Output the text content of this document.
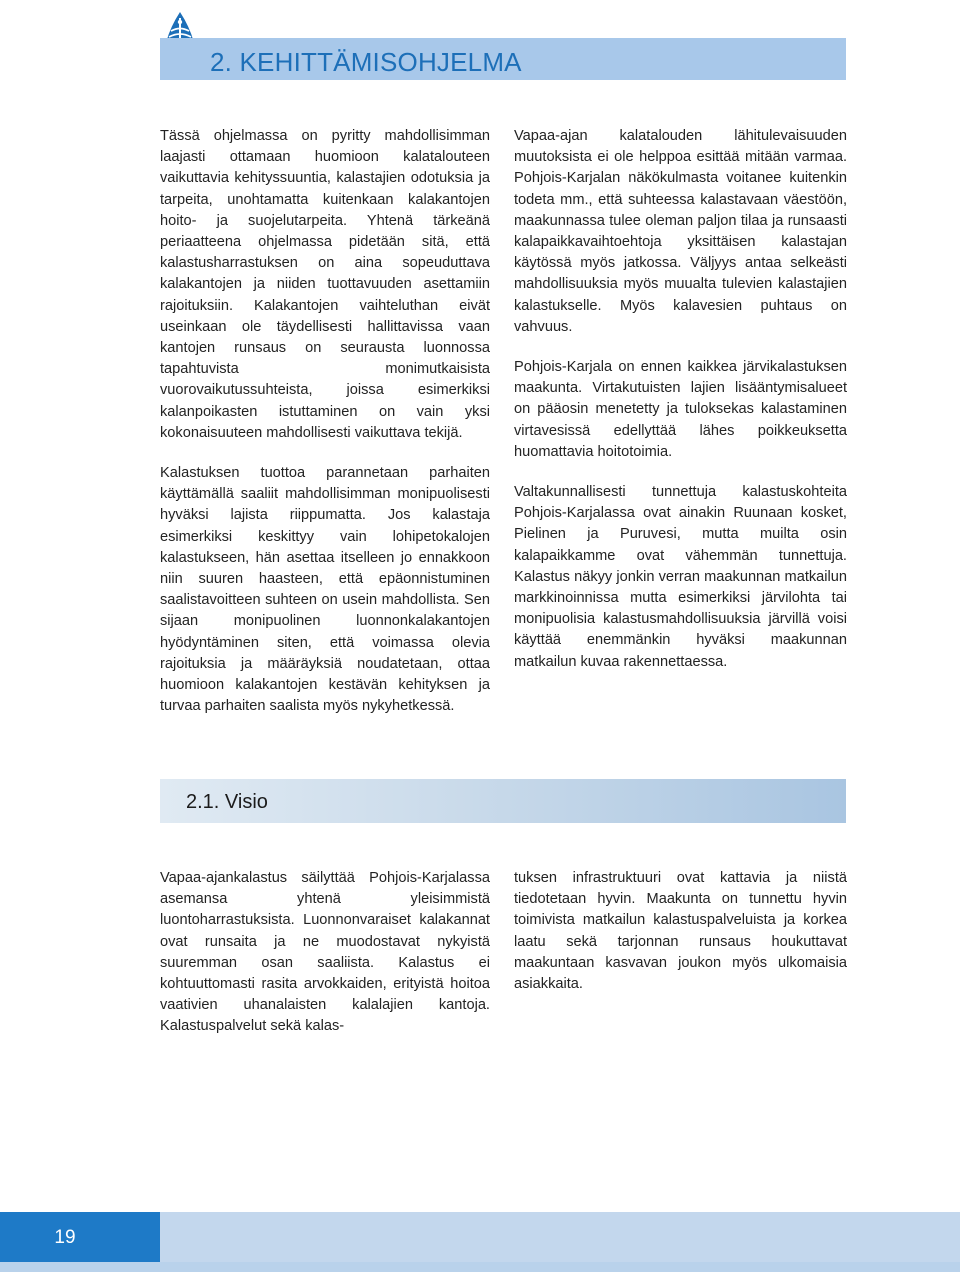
2. KEHITTÄMISOHJELMA

Tässä ohjelmassa on pyritty mahdollisimman laajasti ottamaan huomioon kalatalouteen vaikuttavia kehityssuuntia, kalastajien odotuksia ja tarpeita, unohtamatta kuitenkaan kalakantojen hoito- ja suojelutarpeita. Yhtenä tärkeänä periaatteena ohjelmassa pidetään sitä, että kalastusharrastuksen on aina sopeuduttava kalakantojen ja niiden tuottavuuden asettamiin rajoituksiin. Kalakantojen vaihteluthan eivät useinkaan ole täydellisesti hallittavissa vaan kantojen runsaus on seurausta luonnossa tapahtuvista monimutkaisista vuorovaikutussuhteista, joissa esimerkiksi kalanpoikasten istuttaminen on vain yksi kokonaisuuteen mahdollisesti vaikuttava tekijä.

Kalastuksen tuottoa parannetaan parhaiten käyttämällä saaliit mahdollisimman monipuolisesti hyväksi lajista riippumatta. Jos kalastaja esimerkiksi keskittyy vain lohipetokalojen kalastukseen, hän asettaa itselleen jo ennakkoon niin suuren haasteen, että epäonnistuminen saalistavoitteen suhteen on usein mahdollista. Sen sijaan monipuolinen luonnonkalakantojen hyödyntäminen siten, että voimassa olevia rajoituksia ja määräyksiä noudatetaan, ottaa huomioon kalakantojen kestävän kehityksen ja turvaa parhaiten saalista myös nykyhetkessä.

Vapaa-ajan kalatalouden lähitulevaisuuden muutoksista ei ole helppoa esittää mitään varmaa. Pohjois-Karjalan näkökulmasta voitanee kuitenkin todeta mm., että suhteessa kalastavaan väestöön, maakunnassa tulee oleman paljon tilaa ja runsaasti kalapaikkavaihtoehtoja yksittäisen kalastajan käytössä myös jatkossa. Väljyys antaa selkeästi mahdollisuuksia myös muualta tulevien kalastajien kalastukselle. Myös kalavesien puhtaus on vahvuus.

Pohjois-Karjala on ennen kaikkea järvikalastuksen maakunta. Virtakutuisten lajien lisääntymisalueet on pääosin menetetty ja tuloksekas kalastaminen virtavesissä edellyttää lähes poikkeuksetta huomattavia hoitotoimia.

Valtakunnallisesti tunnettuja kalastuskohteita Pohjois-Karjalassa ovat ainakin Ruunaan kosket, Pielinen ja Puruvesi, mutta muilta osin kalapaikkamme ovat vähemmän tunnettuja. Kalastus näkyy jonkin verran maakunnan matkailun markkinoinnissa mutta esimerkiksi järvilohta tai monipuolisia kalastusmahdollisuuksia järvillä voisi käyttää enemmänkin hyväksi maakunnan matkailun kuvaa rakennettaessa.

2.1. Visio

Vapaa-ajankalastus säilyttää Pohjois-Karjalassa asemansa yhtenä yleisimmistä luontoharrastuksista. Luonnonvaraiset kalakannat ovat runsaita ja ne muodostavat nykyistä suuremman osan saaliista. Kalastus ei kohtuuttomasti rasita arvokkaiden, erityistä hoitoa vaativien uhanalaisten kalalajien kantoja. Kalastuspalvelut sekä kalas-

tuksen infrastruktuuri ovat kattavia ja niistä tiedotetaan hyvin. Maakunta on tunnettu hyvin toimivista matkailun kalastuspalveluista ja korkea laatu sekä tarjonnan runsaus houkuttavat maakuntaan kasvavan joukon myös ulkomaisia asiakkaita.

19
